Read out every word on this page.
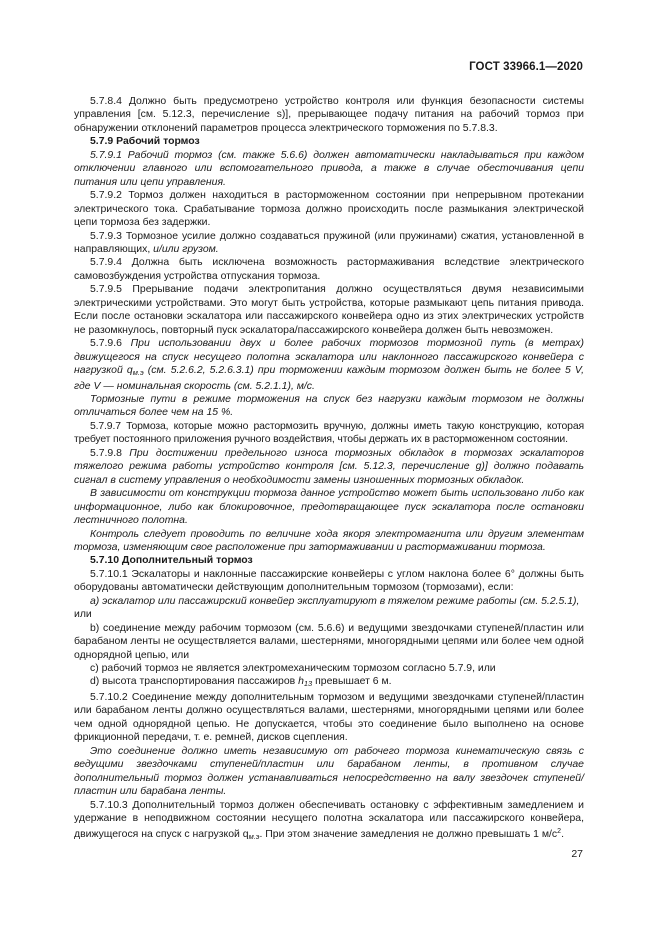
ГОСТ 33966.1—2020

5.7.8.4 Должно быть предусмотрено устройство контроля или функция безопасности системы управления [см. 5.12.3, перечисление s)], прерывающее подачу питания на рабочий тормоз при обнаружении отклонений параметров процесса электрического торможения по 5.7.8.3.

5.7.9 Рабочий тормоз

5.7.9.1 Рабочий тормоз (см. также 5.6.6) должен автоматически накладываться при каждом отключении главного или вспомогательного привода, а также в случае обесточивания цепи питания или цепи управления.

5.7.9.2 Тормоз должен находиться в расторможенном состоянии при непрерывном протекании электрического тока. Срабатывание тормоза должно происходить после размыкания электрической цепи тормоза без задержки.

5.7.9.3 Тормозное усилие должно создаваться пружиной (или пружинами) сжатия, установленной в направляющих, и/или грузом.

5.7.9.4 Должна быть исключена возможность растормаживания вследствие электрического самовозбуждения устройства отпускания тормоза.

5.7.9.5 Прерывание подачи электропитания должно осуществляться двумя независимыми электрическими устройствами. Это могут быть устройства, которые размыкают цепь питания привода. Если после остановки эскалатора или пассажирского конвейера одно из этих электрических устройств не разомкнулось, повторный пуск эскалатора/пассажирского конвейера должен быть невозможен.

5.7.9.6 При использовании двух и более рабочих тормозов тормозной путь (в метрах) движущегося на спуск несущего полотна эскалатора или наклонного пассажирского конвейера с нагрузкой $q_{м.э}$ (см. 5.2.6.2, 5.2.6.3.1) при торможении каждым тормозом должен быть не более 5 V, где V — номинальная скорость (см. 5.2.1.1), м/с.

Тормозные пути в режиме торможения на спуск без нагрузки каждым тормозом не должны отличаться более чем на 15 %.

5.7.9.7 Тормоза, которые можно растормозить вручную, должны иметь такую конструкцию, которая требует постоянного приложения ручного воздействия, чтобы держать их в расторможенном состоянии.

5.7.9.8 При достижении предельного износа тормозных обкладок в тормозах эскалаторов тяжелого режима работы устройство контроля [см. 5.12.3, перечисление g)] должно подавать сигнал в систему управления о необходимости замены изношенных тормозных обкладок.

В зависимости от конструкции тормоза данное устройство может быть использовано либо как информационное, либо как блокировочное, предотвращающее пуск эскалатора после остановки лестничного полотна.

Контроль следует проводить по величине хода якоря электромагнита или другим элементам тормоза, изменяющим свое расположение при затормаживании и растормаживании тормоза.

5.7.10 Дополнительный тормоз

5.7.10.1 Эскалаторы и наклонные пассажирские конвейеры с углом наклона более 6° должны быть оборудованы автоматически действующим дополнительным тормозом (тормозами), если:

а) эскалатор или пассажирский конвейер эксплуатируют в тяжелом режиме работы (см. 5.2.5.1),

или

b) соединение между рабочим тормозом (см. 5.6.6) и ведущими звездочками ступеней/пластин или барабаном ленты не осуществляется валами, шестернями, многорядными цепями или более чем одной однорядной цепью, или

c) рабочий тормоз не является электромеханическим тормозом согласно 5.7.9, или

d) высота транспортирования пассажиров $h_{13}$ превышает 6 м.

5.7.10.2 Соединение между дополнительным тормозом и ведущими звездочками ступеней/пластин или барабаном ленты должно осуществляться валами, шестернями, многорядными цепями или более чем одной однорядной цепью. Не допускается, чтобы это соединение было выполнено на основе фрикционной передачи, т. е. ремней, дисков сцепления.

Это соединение должно иметь независимую от рабочего тормоза кинематическую связь с ведущими звездочками ступеней/пластин или барабаном ленты, в противном случае дополнительный тормоз должен устанавливаться непосредственно на валу звездочек ступеней/пластин или барабана ленты.

5.7.10.3 Дополнительный тормоз должен обеспечивать остановку с эффективным замедлением и удержание в неподвижном состоянии несущего полотна эскалатора или пассажирского конвейера, движущегося на спуск с нагрузкой $q_{м.э}$. При этом значение замедления не должно превышать 1 $м/с^2$.

27
